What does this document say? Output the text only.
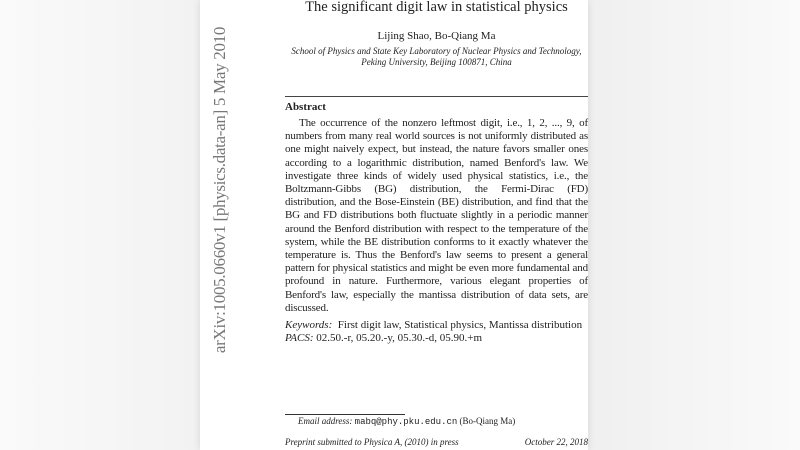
arXiv:1005.0660v1 [physics.data-an] 5 May 2010
The significant digit law in statistical physics
Lijing Shao, Bo-Qiang Ma
School of Physics and State Key Laboratory of Nuclear Physics and Technology,
Peking University, Beijing 100871, China
Abstract
The occurrence of the nonzero leftmost digit, i.e., 1, 2, ..., 9, of numbers from many real world sources is not uniformly distributed as one might naively expect, but instead, the nature favors smaller ones according to a logarithmic distribution, named Benford's law. We investigate three kinds of widely used physical statistics, i.e., the Boltzmann-Gibbs (BG) distribution, the Fermi-Dirac (FD) distribution, and the Bose-Einstein (BE) distribution, and find that the BG and FD distributions both fluctuate slightly in a periodic manner around the Benford distribution with respect to the temperature of the system, while the BE distribution conforms to it exactly whatever the temperature is. Thus the Benford's law seems to present a general pattern for physical statistics and might be even more fundamental and profound in nature. Furthermore, various elegant properties of Benford's law, especially the mantissa distribution of data sets, are discussed.
Keywords: First digit law, Statistical physics, Mantissa distribution
PACS: 02.50.-r, 05.20.-y, 05.30.-d, 05.90.+m
Email address: mabq@phy.pku.edu.cn (Bo-Qiang Ma)
Preprint submitted to Physica A, (2010) in press	October 22, 2018
